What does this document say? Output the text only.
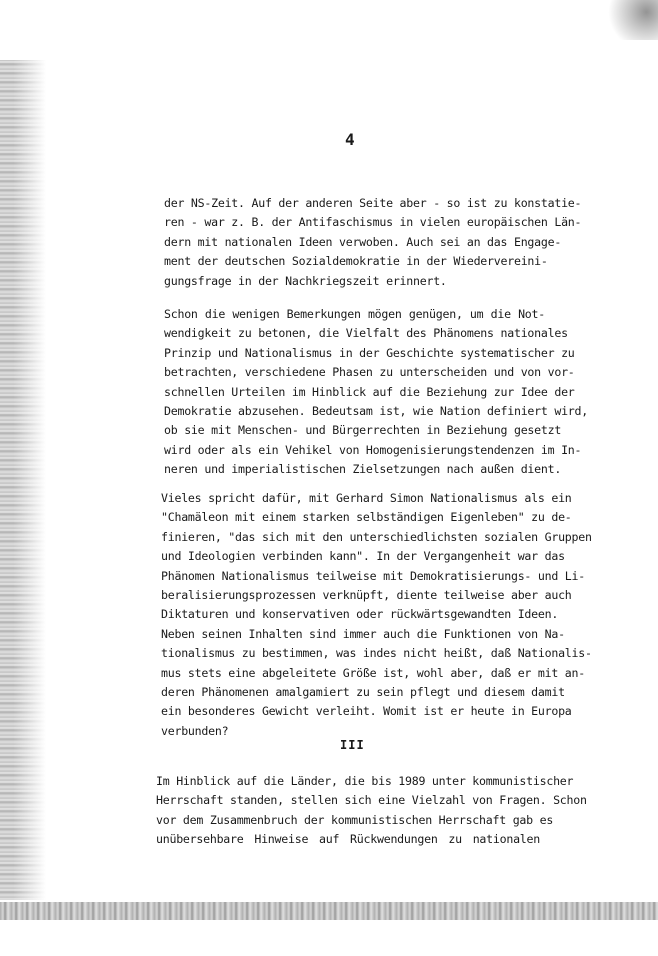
4
der NS-Zeit. Auf der anderen Seite aber - so ist zu konstatie-
ren - war z. B. der Antifaschismus in vielen europäischen Län-
dern mit nationalen Ideen verwoben. Auch sei an das Engage-
ment der deutschen Sozialdemokratie in der Wiedervereini-
gungsfrage in der Nachkriegszeit erinnert.
Schon die wenigen Bemerkungen mögen genügen, um die Not-
wendigkeit zu betonen, die Vielfalt des Phänomens nationales
Prinzip und Nationalismus in der Geschichte systematischer zu
betrachten, verschiedene Phasen zu unterscheiden und von vor-
schnellen Urteilen im Hinblick auf die Beziehung zur Idee der
Demokratie abzusehen. Bedeutsam ist, wie Nation definiert wird,
ob sie mit Menschen- und Bürgerrechten in Beziehung gesetzt
wird oder als ein Vehikel von Homogenisierungstendenzen im In-
neren und imperialistischen Zielsetzungen nach außen dient.
Vieles spricht dafür, mit Gerhard Simon Nationalismus als ein
"Chamäleon mit einem starken selbständigen Eigenleben" zu de-
finieren, "das sich mit den unterschiedlichsten sozialen Gruppen
und Ideologien verbinden kann". In der Vergangenheit war das
Phänomen Nationalismus teilweise mit Demokratisierungs- und Li-
beralisierungsprozessen verknüpft, diente teilweise aber auch
Diktaturen und konservativen oder rückwärtsgewandten Ideen.
Neben seinen Inhalten sind immer auch die Funktionen von Na-
tionalismus zu bestimmen, was indes nicht heißt, daß Nationalis-
mus stets eine abgeleitete Größe ist, wohl aber, daß er mit an-
deren Phänomenen amalgamiert zu sein pflegt und diesem damit
ein besonderes Gewicht verleiht. Womit ist er heute in Europa
verbunden?
III
Im Hinblick auf die Länder, die bis 1989 unter kommunistischer
Herrschaft standen, stellen sich eine Vielzahl von Fragen. Schon
vor dem Zusammenbruch der kommunistischen Herrschaft gab es
unübersehbare Hinweise auf Rückwendungen zu nationalen
